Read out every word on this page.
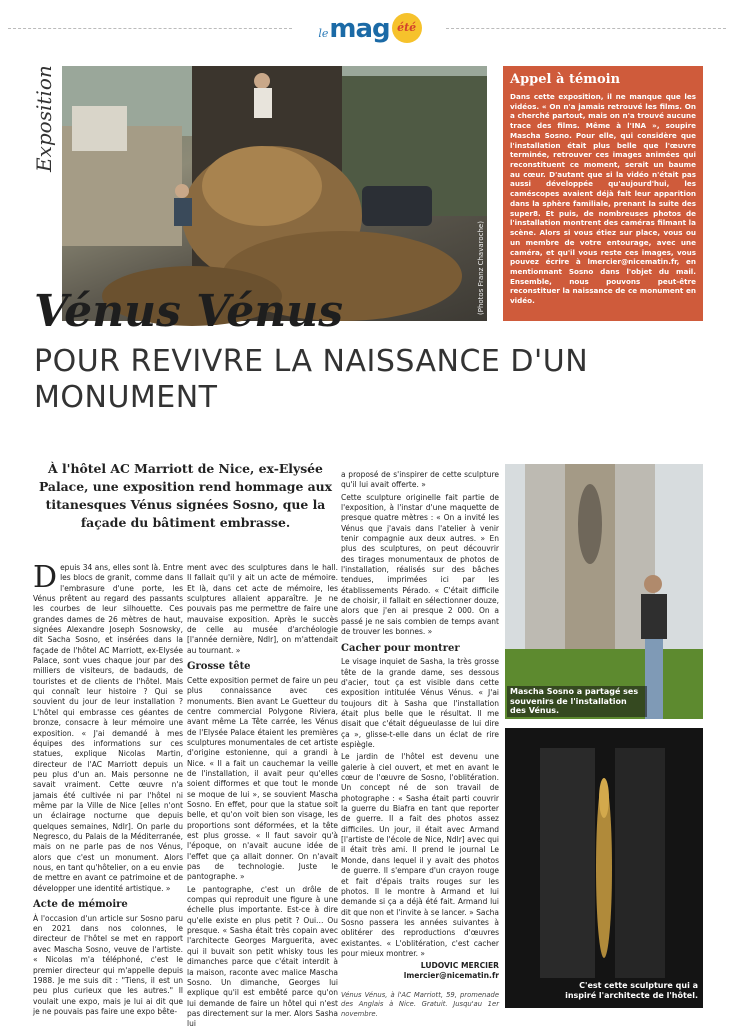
le mag été
Exposition
(Photos Franz Chavaroche)
Appel à témoin

Dans cette exposition, il ne manque que les vidéos. « On n'a jamais retrouvé les films. On a cherché partout, mais on n'a trouvé aucune trace des films. Même à l'INA », soupire Mascha Sosno. Pour elle, qui considère que l'installation était plus belle que l'œuvre terminée, retrouver ces images animées qui reconstituent ce moment, serait un baume au cœur. D'autant que si la vidéo n'était pas aussi développée qu'aujourd'hui, les caméscopes avaient déjà fait leur apparition dans la sphère familiale, prenant la suite des super8. Et puis, de nombreuses photos de l'installation montrent des caméras filmant la scène. Alors si vous étiez sur place, vous ou un membre de votre entourage, avec une caméra, et qu'il vous reste ces images, vous pouvez écrire à lmercier@nicematin.fr, en mentionnant Sosno dans l'objet du mail. Ensemble, nous pouvons peut-être reconstituer la naissance de ce monument en vidéo.

Vénus Vénus
POUR REVIVRE LA NAISSANCE D'UN MONUMENT
À l'hôtel AC Marriott de Nice, ex-Elysée Palace, une exposition rend hommage aux titanesques Vénus signées Sosno, que la façade du bâtiment embrasse.

Depuis 34 ans, elles sont là. Entre les blocs de granit, comme dans l'embrasure d'une porte, les Vénus prêtent au regard des passants les courbes de leur silhouette. Ces grandes dames de 26 mètres de haut, signées Alexandre Joseph Sosnowsky, dit Sacha Sosno, et insérées dans la façade de l'hôtel AC Marriott, ex-Elysée Palace, sont vues chaque jour par des milliers de visiteurs, de badauds, de touristes et de clients de l'hôtel. Mais qui connaît leur histoire ? Qui se souvient du jour de leur installation ? L'hôtel qui embrasse ces géantes de bronze, consacre à leur mémoire une exposition. « J'ai demandé à mes équipes des informations sur ces statues, explique Nicolas Martin, directeur de l'AC Marriott depuis un peu plus d'un an. Mais personne ne savait vraiment. Cette œuvre n'a jamais été cultivée ni par l'hôtel ni même par la Ville de Nice [elles n'ont un éclairage nocturne que depuis quelques semaines, Ndlr]. On parle du Negresco, du Palais de la Méditerranée, mais on ne parle pas de nos Vénus, alors que c'est un monument. Alors nous, en tant qu'hôtelier, on a eu envie de mettre en avant ce patrimoine et de développer une identité artistique. »

Acte de mémoire

À l'occasion d'un article sur Sosno paru en 2021 dans nos colonnes, le directeur de l'hôtel se met en rapport avec Mascha Sosno, veuve de l'artiste. « Nicolas m'a téléphoné, c'est le premier directeur qui m'appelle depuis 1988. Je me suis dit : "Tiens, il est un peu plus curieux que les autres." Il voulait une expo, mais je lui ai dit que je ne pouvais pas faire une expo bête-

ment avec des sculptures dans le hall. Il fallait qu'il y ait un acte de mémoire. Et là, dans cet acte de mémoire, les sculptures allaient apparaître. Je ne pouvais pas me permettre de faire une mauvaise exposition. Après le succès de celle au musée d'archéologie [l'année dernière, Ndlr], on m'attendait au tournant. »

Grosse tête

Cette exposition permet de faire un peu plus connaissance avec ces monuments. Bien avant Le Guetteur du centre commercial Polygone Riviera, avant même La Tête carrée, les Vénus de l'Elysée Palace étaient les premières sculptures monumentales de cet artiste d'origine estonienne, qui a grandi à Nice. « Il a fait un cauchemar la veille de l'installation, il avait peur qu'elles soient difformes et que tout le monde se moque de lui », se souvient Mascha Sosno. En effet, pour que la statue soit belle, et qu'on voit bien son visage, les proportions sont déformées, et la tête est plus grosse. « Il faut savoir qu'à l'époque, on n'avait aucune idée de l'effet que ça allait donner. On n'avait pas de technologie. Juste le pantographe. »

Le pantographe, c'est un drôle de compas qui reproduit une figure à une échelle plus importante. Est-ce à dire qu'elle existe en plus petit ? Oui… Ou presque. « Sasha était très copain avec l'architecte Georges Marguerita, avec qui il buvait son petit whisky tous les dimanches parce que c'était interdit à la maison, raconte avec malice Mascha Sosno. Un dimanche, Georges lui explique qu'il est embêté parce qu'on lui demande de faire un hôtel qui n'est pas directement sur la mer. Alors Sasha lui

a proposé de s'inspirer de cette sculpture qu'il lui avait offerte. »

Cette sculpture originelle fait partie de l'exposition, à l'instar d'une maquette de presque quatre mètres : « On a invité les Vénus que j'avais dans l'atelier à venir tenir compagnie aux deux autres. » En plus des sculptures, on peut découvrir des tirages monumentaux de photos de l'installation, réalisés sur des bâches tendues, imprimées ici par les établissements Pérado. « C'était difficile de choisir, il fallait en sélectionner douze, alors que j'en ai presque 2 000. On a passé je ne sais combien de temps avant de trouver les bonnes. »

Cacher pour montrer

Le visage inquiet de Sasha, la très grosse tête de la grande dame, ses dessous d'acier, tout ça est visible dans cette exposition intitulée Vénus Vénus. « J'ai toujours dit à Sasha que l'installation était plus belle que le résultat. Il me disait que c'était dégueulasse de lui dire ça », glisse-t-elle dans un éclat de rire espiègle.

Le jardin de l'hôtel est devenu une galerie à ciel ouvert, et met en avant le cœur de l'œuvre de Sosno, l'oblitération. Un concept né de son travail de photographe : « Sasha était parti couvrir la guerre du Biafra en tant que reporter de guerre. Il a fait des photos assez difficiles. Un jour, il était avec Armand [l'artiste de l'école de Nice, Ndlr] avec qui il était très ami. Il prend le journal Le Monde, dans lequel il y avait des photos de guerre. Il s'empare d'un crayon rouge et fait d'épais traits rouges sur les photos. Il le montre à Armand et lui demande si ça a déjà été fait. Armand lui dit que non et l'invite à se lancer. » Sacha Sosno passera les années suivantes à oblitérer des reproductions d'œuvres existantes. « L'oblitération, c'est cacher pour mieux montrer. »

LUDOVIC MERCIER
lmercier@nicematin.fr
Vénus Vénus, à l'AC Marriott, 59, promenade des Anglais à Nice. Gratuit. Jusqu'au 1er novembre.
Mascha Sosno a partagé ses souvenirs de l'installation des Vénus.
C'est cette sculpture qui a inspiré l'architecte de l'hôtel.
